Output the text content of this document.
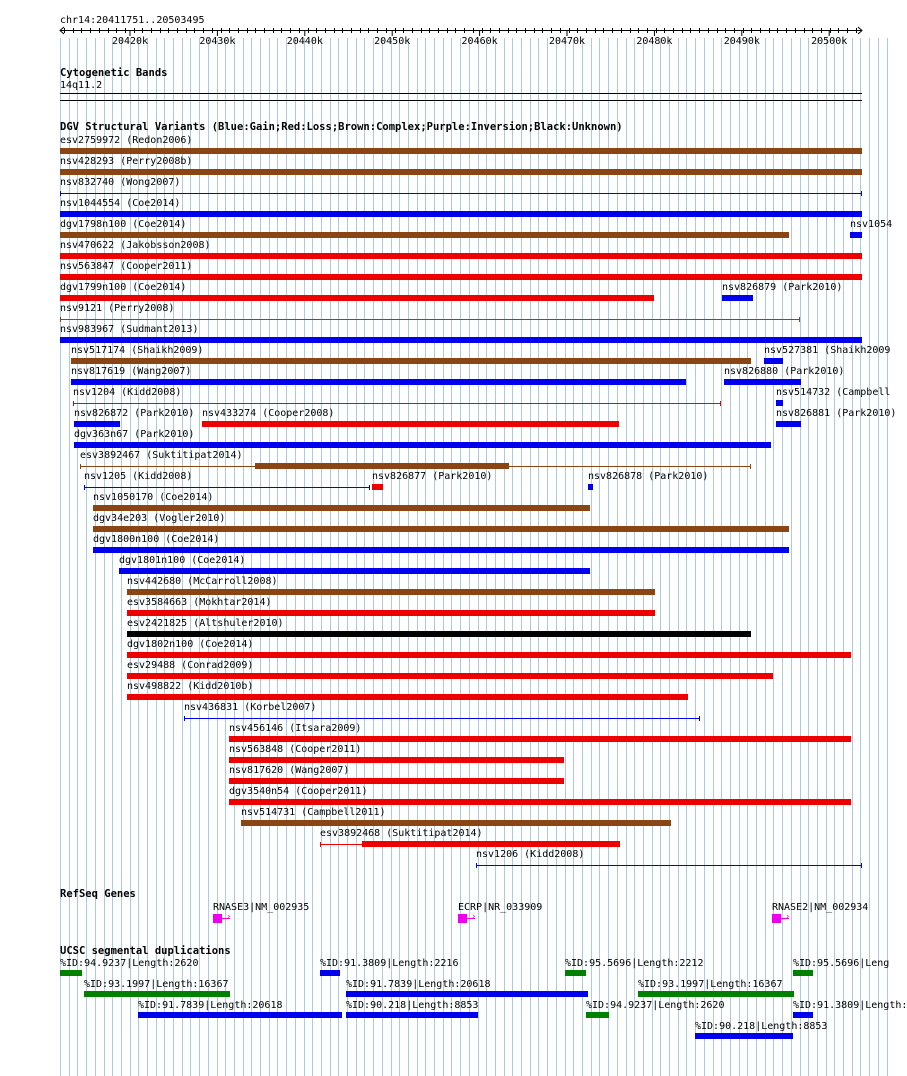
chr14:20411751..20503495
20420k	20430k	20440k	20450k	20460k	20470k	20480k	20490k	20500k
Cytogenetic Bands
14q11.2
DGV Structural Variants (Blue:Gain;Red:Loss;Brown:Complex;Purple:Inversion;Black:Unknown)
RefSeq Genes
UCSC segmental duplications
esv2759972 (Redon2006)
nsv428293 (Perry2008b)
nsv832740 (Wong2007)
nsv1044554 (Coe2014)
dgv1798n100 (Coe2014)	nsv1054
nsv470622 (Jakobsson2008)
nsv563847 (Cooper2011)
dgv1799n100 (Coe2014)	nsv826879 (Park2010)
nsv9121 (Perry2008)
nsv983967 (Sudmant2013)
nsv517174 (Shaikh2009)	nsv527381 (Shaikh2009
nsv817619 (Wang2007)	nsv826880 (Park2010)
nsv1204 (Kidd2008)	nsv514732 (Campbell
nsv826872 (Park2010) nsv433274 (Cooper2008)	nsv826881 (Park2010)
dgv363n67 (Park2010)
esv3892467 (Suktitipat2014)
nsv1205 (Kidd2008)	nsv826877 (Park2010)	nsv826878 (Park2010)
nsv1050170 (Coe2014)
dgv34e203 (Vogler2010)
dgv1800n100 (Coe2014)
dgv1801n100 (Coe2014)
nsv442680 (McCarroll2008)
esv3584663 (Mokhtar2014)
esv2421825 (Altshuler2010)
dgv1802n100 (Coe2014)
esv29488 (Conrad2009)
nsv498822 (Kidd2010b)
nsv436831 (Korbel2007)
nsv456146 (Itsara2009)
nsv563848 (Cooper2011)
nsv817620 (Wang2007)
dgv3540n54 (Cooper2011)
nsv514731 (Campbell2011)
esv3892468 (Suktitipat2014)
nsv1206 (Kidd2008)
RNASE3|NM_002935
›
ECRP|NR_033909
›
RNASE2|NM_002934
›
%ID:94.9237|Length:2620	%ID:91.3809|Length:2216	%ID:95.5696|Length:2212	%ID:95.5696|Leng
%ID:93.1997|Length:16367	%ID:91.7839|Length:20618	%ID:93.1997|Length:16367
%ID:91.7839|Length:20618	%ID:90.218|Length:8853	%ID:94.9237|Length:2620	%ID:91.3809|Length:
%ID:90.218|Length:8853
